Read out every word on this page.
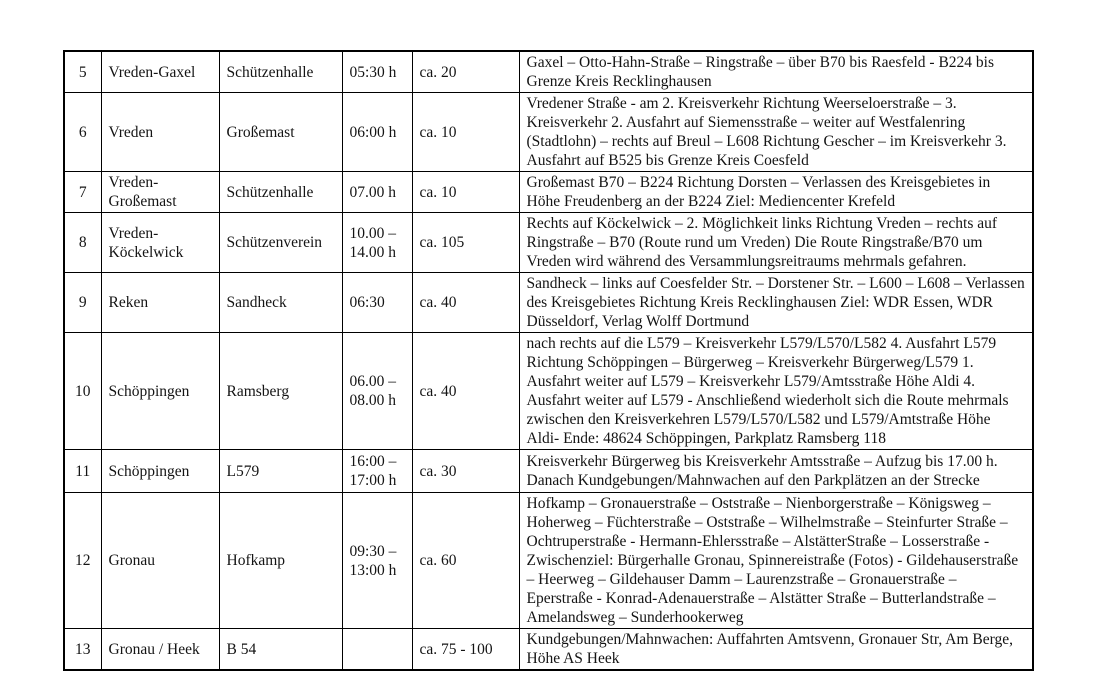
5	Vreden-Gaxel	Schützenhalle	05:30 h	ca. 20	Gaxel – Otto-Hahn-Straße – Ringstraße – über B70 bis Raesfeld - B224 bis Grenze Kreis Recklinghausen
6	Vreden	Großemast	06:00 h	ca. 10	Vredener Straße - am 2. Kreisverkehr Richtung Weerseloerstraße – 3. Kreisverkehr 2. Ausfahrt auf Siemensstraße – weiter auf Westfalenring (Stadtlohn) – rechts auf Breul – L608 Richtung Gescher – im Kreisverkehr 3. Ausfahrt auf B525 bis Grenze Kreis Coesfeld
7	Vreden-Großemast	Schützenhalle	07.00 h	ca. 10	Großemast B70 – B224 Richtung Dorsten – Verlassen des Kreisgebietes in Höhe Freudenberg an der B224 Ziel: Mediencenter Krefeld
8	Vreden-Köckelwick	Schützenverein	10.00 – 14.00 h	ca. 105	Rechts auf Köckelwick – 2. Möglichkeit links Richtung Vreden – rechts auf Ringstraße – B70 (Route rund um Vreden) Die Route Ringstraße/B70 um Vreden wird während des Versammlungsreitraums mehrmals gefahren.
9	Reken	Sandheck	06:30	ca. 40	Sandheck – links auf Coesfelder Str. – Dorstener Str. – L600 – L608 – Verlassen des Kreisgebietes Richtung Kreis Recklinghausen Ziel: WDR Essen, WDR Düsseldorf, Verlag Wolff Dortmund
10	Schöppingen	Ramsberg	06.00 – 08.00 h	ca. 40	nach rechts auf die L579 – Kreisverkehr L579/L570/L582 4. Ausfahrt L579 Richtung Schöppingen – Bürgerweg – Kreisverkehr Bürgerweg/L579 1. Ausfahrt weiter auf L579 – Kreisverkehr L579/Amtsstraße Höhe Aldi 4. Ausfahrt weiter auf L579 - Anschließend wiederholt sich die Route mehrmals zwischen den Kreisverkehren L579/L570/L582 und L579/Amtstraße Höhe Aldi- Ende: 48624 Schöppingen, Parkplatz Ramsberg 118
11	Schöppingen	L579	16:00 – 17:00 h	ca. 30	Kreisverkehr Bürgerweg bis Kreisverkehr Amtsstraße – Aufzug bis 17.00 h. Danach Kundgebungen/Mahnwachen auf den Parkplätzen an der Strecke
12	Gronau	Hofkamp	09:30 – 13:00 h	ca. 60	Hofkamp – Gronauerstraße – Oststraße – Nienborgerstraße – Königsweg – Hoherweg – Füchterstraße – Oststraße – Wilhelmstraße – Steinfurter Straße – Ochtruperstraße - Hermann-Ehlersstraße – AlstätterStraße – Losserstraße - Zwischenziel: Bürgerhalle Gronau, Spinnereistraße (Fotos) - Gildehauserstraße – Heerweg – Gildehauser Damm – Laurenzstraße – Gronauerstraße – Eperstraße - Konrad-Adenauerstraße – Alstätter Straße – Butterlandstraße – Amelandsweg – Sunderhookerweg
13	Gronau / Heek	B 54		ca. 75 - 100	Kundgebungen/Mahnwachen: Auffahrten Amtsvenn, Gronauer Str, Am Berge, Höhe AS Heek
